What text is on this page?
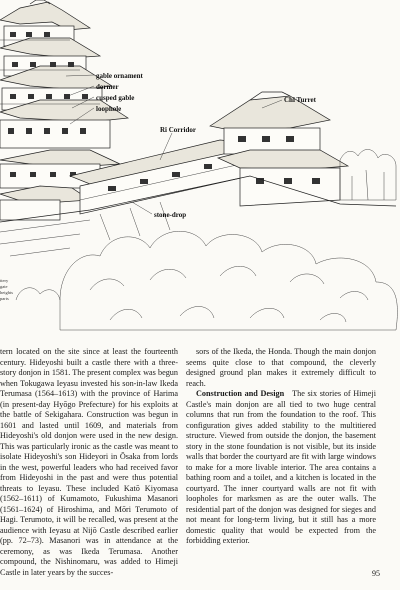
ttery
gate
heights
parts
gable ornament
dormer
cusped gable
loophole
Chi Turret
Ri Corridor
stone-drop

tern located on the site since at least the fourteenth century. Hideyoshi built a castle there with a three-story donjon in 1581. The present complex was begun when Tokugawa Ieyasu invested his son-in-law Ikeda Terumasa (1564–1613) with the province of Harima (in present-day Hyōgo Prefecture) for his exploits at the battle of Sekigahara. Construction was begun in 1601 and lasted until 1609, and materials from Hideyoshi's old donjon were used in the new design. This was particularly ironic as the castle was meant to isolate Hideyoshi's son Hideyori in Ōsaka from lords in the west, powerful leaders who had received favor from Hideyoshi in the past and were thus potential threats to Ieyasu. These included Katō Kiyomasa (1562–1611) of Kumamoto, Fukushima Masanori (1561–1624) of Hiroshima, and Mōri Terumoto of Hagi. Terumoto, it will be recalled, was present at the audience with Ieyasu at Nijō Castle described earlier (pp. 72–73). Masanori was in attendance at the ceremony, as was Ikeda Terumasa. Another compound, the Nishinomaru, was added to Himeji Castle in later years by the succes-

sors of the Ikeda, the Honda. Though the main donjon seems quite close to that compound, the cleverly designed ground plan makes it extremely difficult to reach.

Construction and Design The six stories of Himeji Castle's main donjon are all tied to two huge central columns that run from the foundation to the roof. This configuration gives added stability to the multitiered structure. Viewed from outside the donjon, the basement story in the stone foundation is not visible, but its inside walls that border the courtyard are fit with large windows to make for a more livable interior. The area contains a bathing room and a toilet, and a kitchen is located in the courtyard. The inner courtyard walls are not fit with loopholes for marksmen as are the outer walls. The residential part of the donjon was designed for sieges and not meant for long-term living, but it still has a more domestic quality that would be expected from the forbidding exterior.

95
